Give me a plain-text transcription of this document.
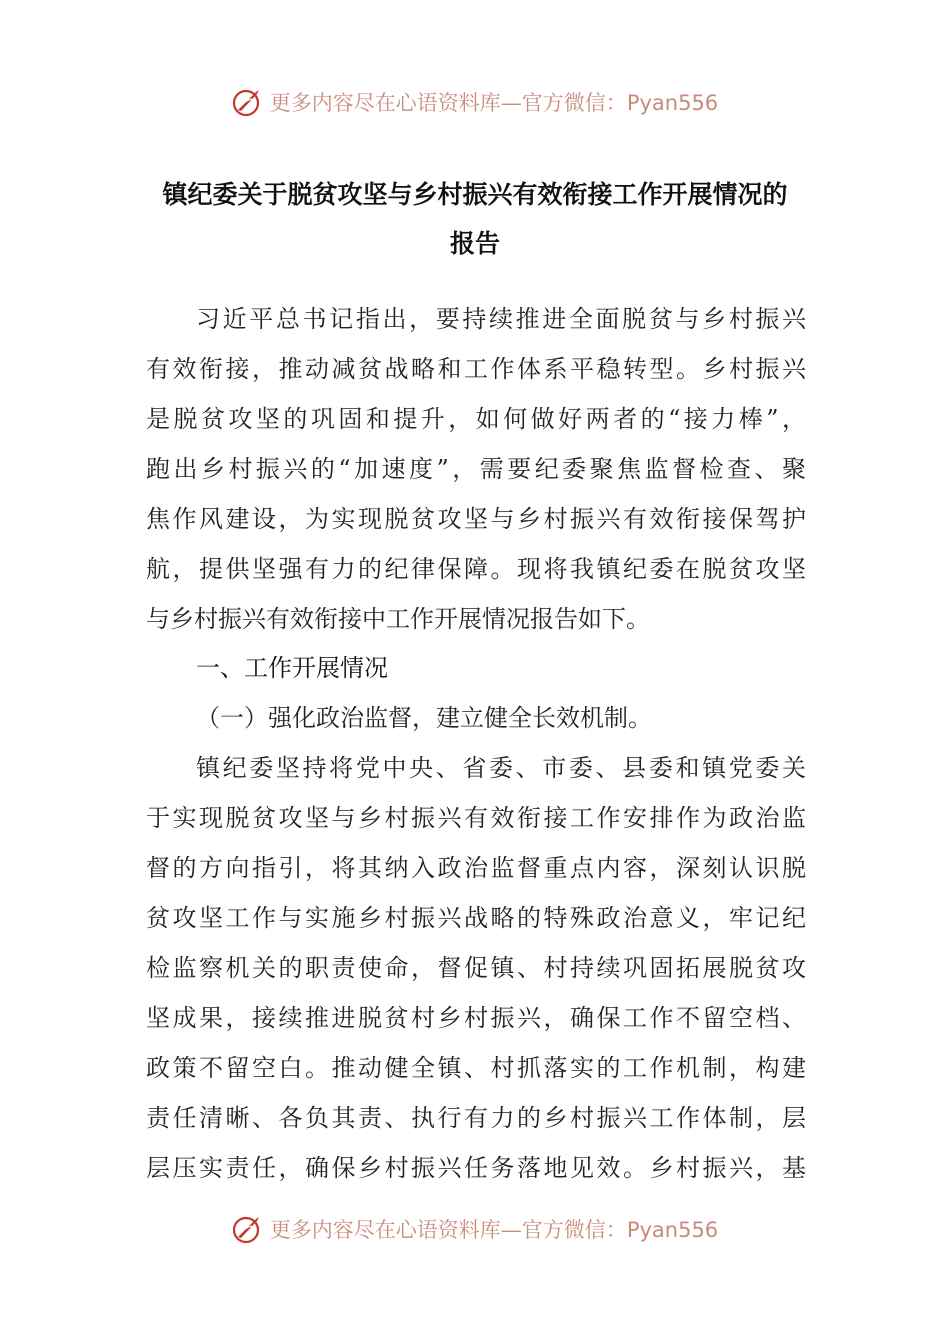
更多内容尽在心语资料库—官方微信：Pyan556
镇纪委关于脱贫攻坚与乡村振兴有效衔接工作开展情况的
报告
习近平总书记指出，要持续推进全面脱贫与乡村振兴
有效衔接，推动减贫战略和工作体系平稳转型。乡村振兴
是脱贫攻坚的巩固和提升，如何做好两者的“接力棒”，
跑出乡村振兴的“加速度”，需要纪委聚焦监督检查、聚
焦作风建设，为实现脱贫攻坚与乡村振兴有效衔接保驾护
航，提供坚强有力的纪律保障。现将我镇纪委在脱贫攻坚
与乡村振兴有效衔接中工作开展情况报告如下。
一、工作开展情况
（一）强化政治监督，建立健全长效机制。
镇纪委坚持将党中央、省委、市委、县委和镇党委关
于实现脱贫攻坚与乡村振兴有效衔接工作安排作为政治监
督的方向指引，将其纳入政治监督重点内容，深刻认识脱
贫攻坚工作与实施乡村振兴战略的特殊政治意义，牢记纪
检监察机关的职责使命，督促镇、村持续巩固拓展脱贫攻
坚成果，接续推进脱贫村乡村振兴，确保工作不留空档、
政策不留空白。推动健全镇、村抓落实的工作机制，构建
责任清晰、各负其责、执行有力的乡村振兴工作体制，层
层压实责任，确保乡村振兴任务落地见效。乡村振兴，基
更多内容尽在心语资料库—官方微信：Pyan556
